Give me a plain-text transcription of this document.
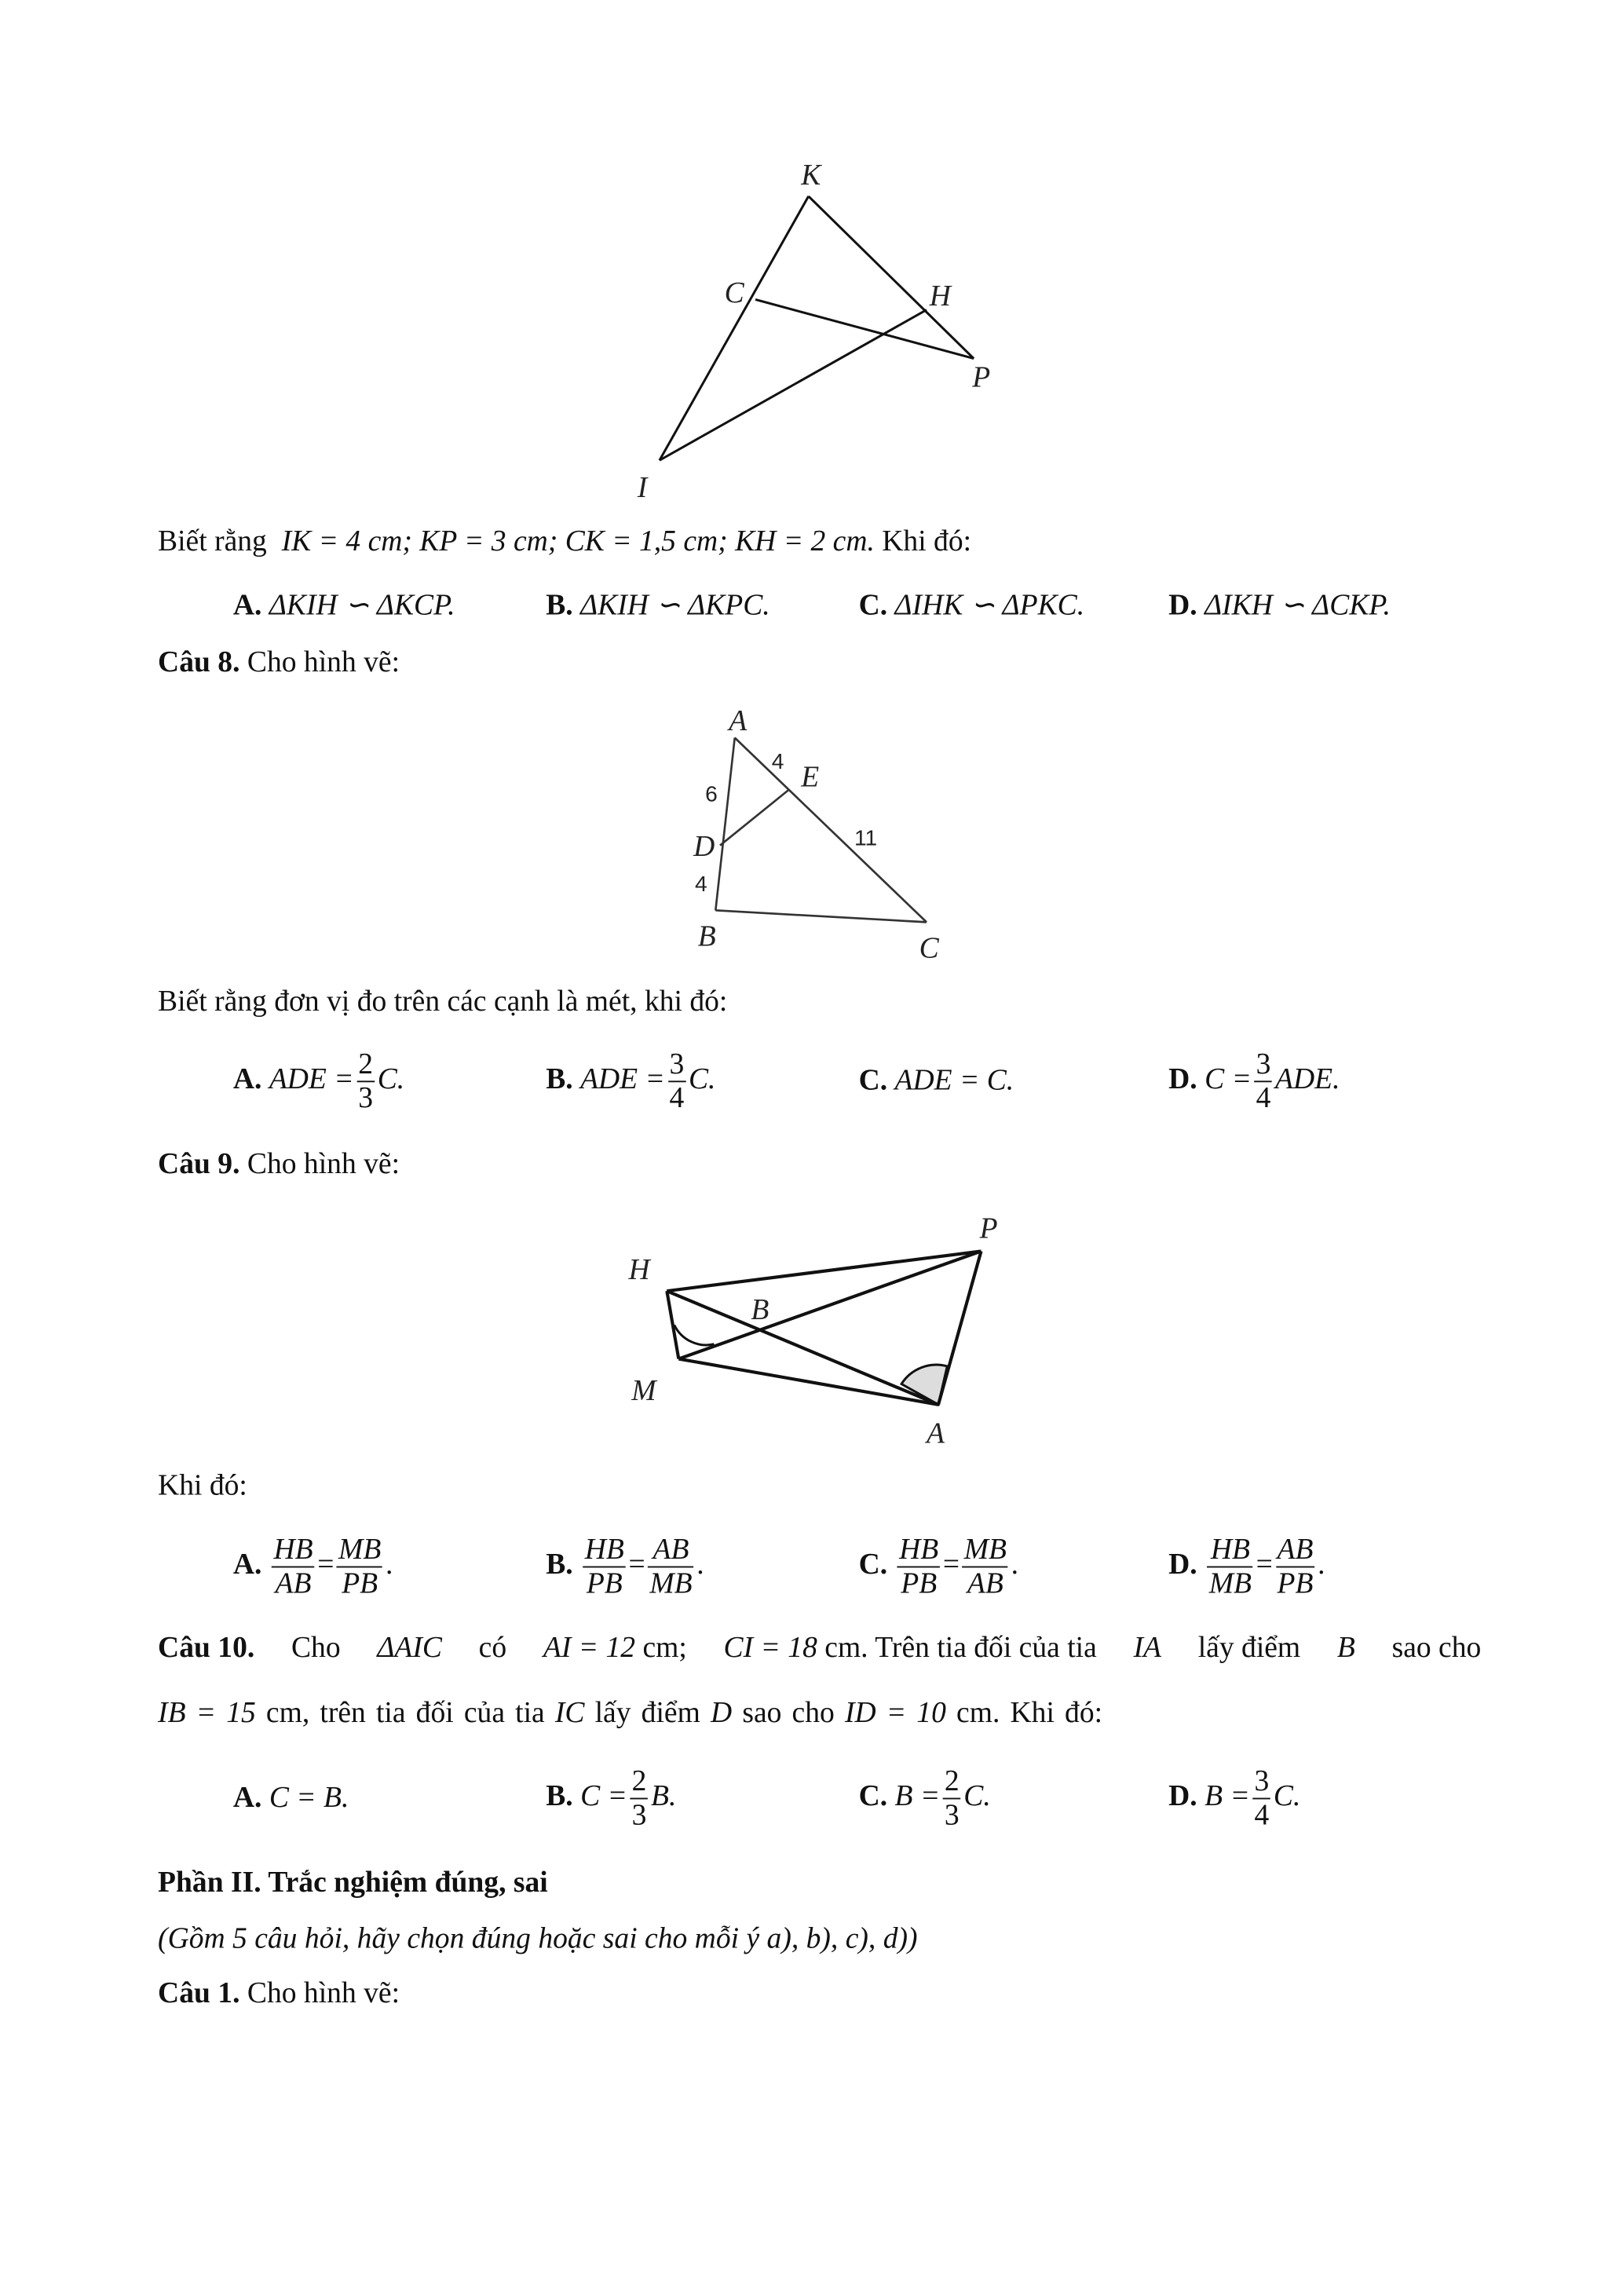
K
C	H
P
I
A
E
D
B	C
6
4
11
4
H
P
B
M
A
Biết rằng IK = 4 cm; KP = 3 cm; CK = 1,5 cm; KH = 2 cm. Khi đó:
A. ΔKIH ∽ ΔKCP.	B. ΔKIH ∽ ΔKPC.	C. ΔIHK ∽ ΔPKC.	D. ΔIKH ∽ ΔCKP.
Câu 8. Cho hình vẽ:
Biết rằng đơn vị đo trên các cạnh là mét, khi đó:
A. ADE = $\frac{2}{3} C$.	B. ADE = $\frac{3}{4} C$.	C. ADE = C.	D. $C = \frac{3}{4}$ ADE.
Câu 9. Cho hình vẽ:
Khi đó:
A. $\frac{HB}{AB} = \frac{MB}{PB}$ .	B. $\frac{HB}{PB} = \frac{AB}{MB}$ .	C. $\frac{HB}{PB} = \frac{MB}{AB}$ .	D. $\frac{HB}{MB} = \frac{AB}{PB}$ .
Câu 10. Cho ΔAIC có AI = 12 cm; CI = 18 cm. Trên tia đối của tia IA lấy điểm B sao cho
IB = 15 cm, trên tia đối của tia IC lấy điểm D sao cho ID = 10 cm. Khi đó:
A. C = B.	B. $C = \frac{2}{3} B$.	C. $B = \frac{2}{3} C$.	D. $B = \frac{3}{4} C$.
Phần II. Trắc nghiệm đúng, sai
(Gồm 5 câu hỏi, hãy chọn đúng hoặc sai cho mỗi ý a), b), c), d))
Câu 1. Cho hình vẽ:
